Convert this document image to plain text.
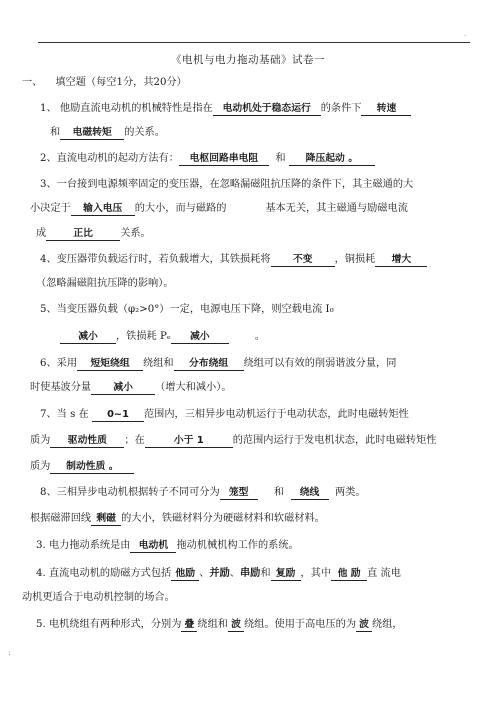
.
《电机与电力拖动基础》试卷一
一、 填空题（每空1分，共20分）
1、 他励直流电动机的机械特性是指在 电动机处于稳态运行 的条件下 转速
和 电磁转矩 的关系。
2、直流电动机的起动方法有： 电枢回路串电阻 和 降压起动 。
3、一台接到电源频率固定的变压器，在忽略漏磁阻抗压降的条件下，其主磁通的大
小决定于 输入电压 的大小，而与磁路的	基本无关，其主磁通与励磁电流
成	正比	关系。
4、变压器带负载运行时，若负载增大，其铁损耗将 不变 ，铜损耗 增大
（忽略漏磁阻抗压降的影响）。
5、当变压器负载（φ₂>0°）一定，电源电压下降，则空载电流 I₀
减小 ，铁损耗 Pₑ 减小	。
6、采用 短矩绕组 绕组和 分布绕组 绕组可以有效的削弱谐波分量，同
时使基波分量 减小 （增大和减小）。
7、当 s 在 0~1 范围内，三相异步电动机运行于电动状态，此时电磁转矩性
质为 驱动性质 ；在	小于 1	的范围内运行于发电机状态，此时电磁转矩性
质为 制动性质 。
8、三相异步电动机根据转子不同可分为 笼型 和 绕线 两类。
根据磁滞回线 剩磁 的大小，铁磁材料分为硬磁材料和软磁材料。
3. 电力拖动系统是由 电动机 拖动机械机构工作的系统。
4. 直流电动机的励磁方式包括 他励 、并励、串励和 复励 ，其中 他 励 直 流电
动机更适合于电动机控制的场合。
5. 电机绕组有两种形式，分别为 叠 绕组和 波 绕组。使用于高电压的为 波 绕组，
:
